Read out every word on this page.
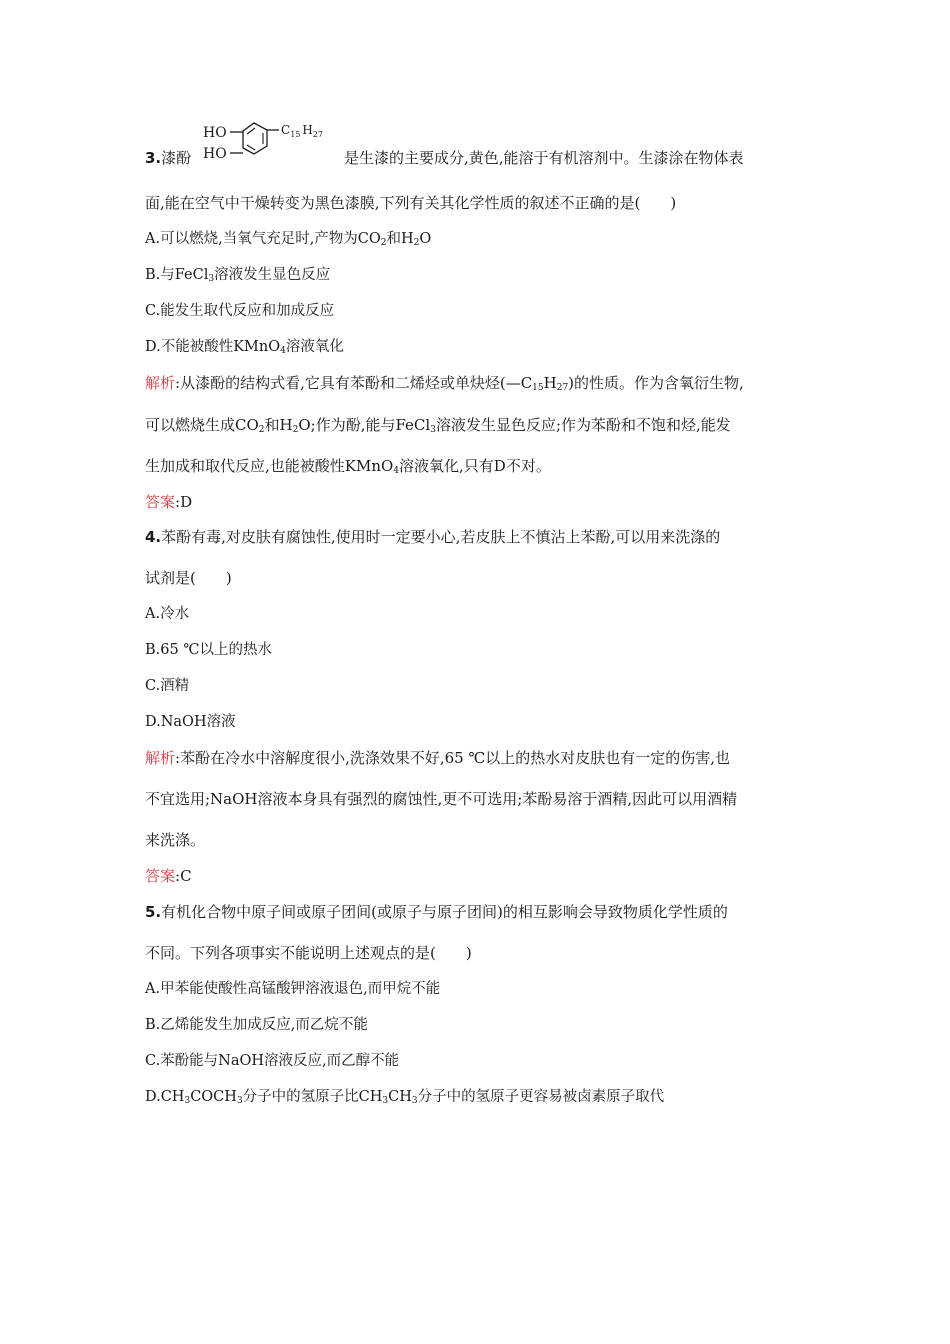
3.漆酚
HO
HO
$C_{15}$ $H_{27}$
是生漆的主要成分,黄色,能溶于有机溶剂中。生漆涂在物体表
面,能在空气中干燥转变为黑色漆膜,下列有关其化学性质的叙述不正确的是(　　)
A.可以燃烧,当氧气充足时,产物为$CO_2$和$H_2O$
B.与FeCl$_3$溶液发生显色反应
C.能发生取代反应和加成反应
D.不能被酸性KMnO$_4$溶液氧化
解析:从漆酚的结构式看,它具有苯酚和二烯烃或单炔烃$(—C_{15}H_{27})$的性质。作为含氧衍生物,
可以燃烧生成$CO_2$和$H_2O$;作为酚,能与FeCl$_3$溶液发生显色反应;作为苯酚和不饱和烃,能发
生加成和取代反应,也能被酸性KMnO$_4$溶液氧化,只有D不对。
答案:D
4.苯酚有毒,对皮肤有腐蚀性,使用时一定要小心,若皮肤上不慎沾上苯酚,可以用来洗涤的
试剂是(　　)
A.冷水
B.65 ℃以上的热水
C.酒精
D.NaOH溶液
解析:苯酚在冷水中溶解度很小,洗涤效果不好,65 ℃以上的热水对皮肤也有一定的伤害,也
不宜选用;NaOH溶液本身具有强烈的腐蚀性,更不可选用;苯酚易溶于酒精,因此可以用酒精
来洗涤。
答案:C
5.有机化合物中原子间或原子团间(或原子与原子团间)的相互影响会导致物质化学性质的
不同。下列各项事实不能说明上述观点的是(　　)
A.甲苯能使酸性高锰酸钾溶液退色,而甲烷不能
B.乙烯能发生加成反应,而乙烷不能
C.苯酚能与NaOH溶液反应,而乙醇不能
$D.CH_3COCH_3$分子中的氢原子比$CH_3CH_3$分子中的氢原子更容易被卤素原子取代
